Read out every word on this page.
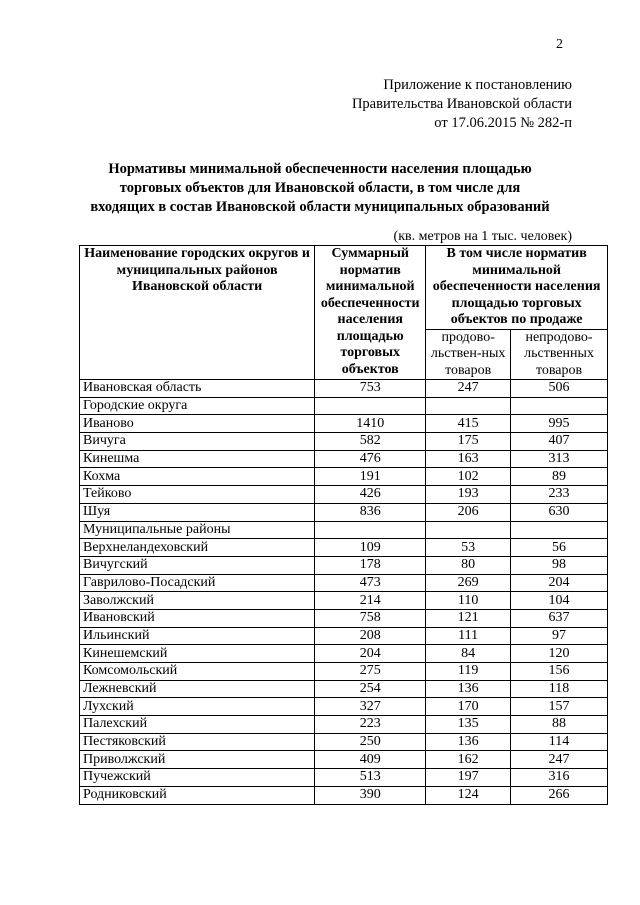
2
Приложение к постановлению
Правительства Ивановской области
от 17.06.2015 № 282-п
Нормативы минимальной обеспеченности населения площадью
торговых объектов для Ивановской области, в том числе для
входящих в состав Ивановской области муниципальных образований
(кв. метров на 1 тыс. человек)
Наименование городских округов и муниципальных районов Ивановской области	Суммарный норматив минимальной обеспеченности населения площадью торговых объектов	В том числе норматив минимальной обеспеченности населения площадью торговых объектов по продаже	
		продово-льствен-ных товаров	непродово-льственных товаров
Ивановская область	753	247	506
Городские округа			
Иваново	1410	415	995
Вичуга	582	175	407
Кинешма	476	163	313
Кохма	191	102	89
Тейково	426	193	233
Шуя	836	206	630
Муниципальные районы			
Верхнеландеховский	109	53	56
Вичугский	178	80	98
Гаврилово-Посадский	473	269	204
Заволжский	214	110	104
Ивановский	758	121	637
Ильинский	208	111	97
Кинешемский	204	84	120
Комсомольский	275	119	156
Лежневский	254	136	118
Лухский	327	170	157
Палехский	223	135	88
Пестяковский	250	136	114
Приволжский	409	162	247
Пучежский	513	197	316
Родниковский	390	124	266
